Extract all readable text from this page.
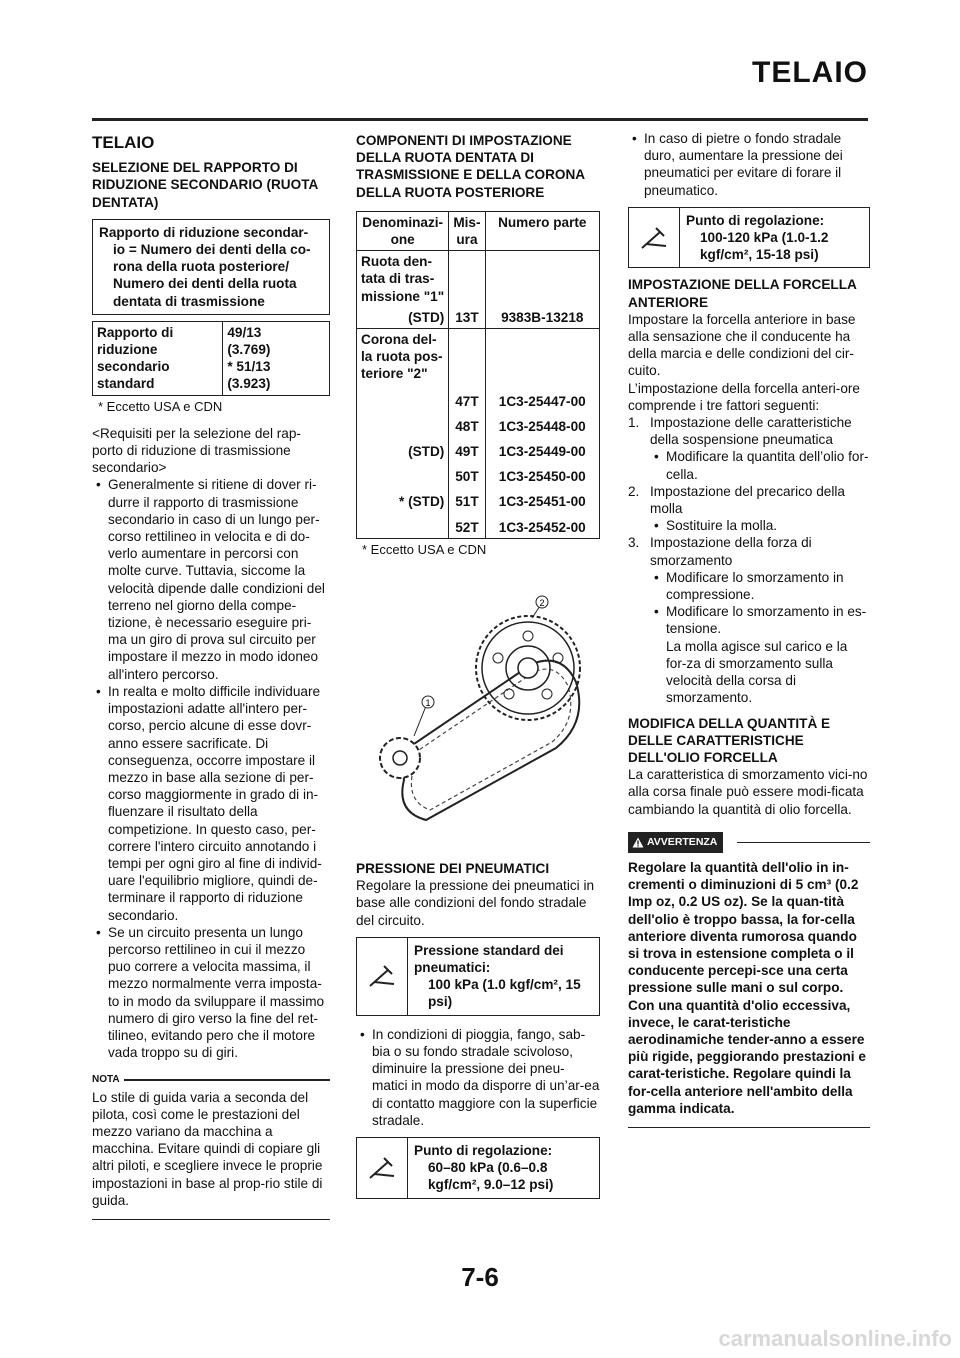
TELAIO
TELAIO
SELEZIONE DEL RAPPORTO DI RIDUZIONE SECONDARIO (RUOTA DENTATA)
Rapporto di riduzione secondar-
io = Numero dei denti della co-
rona della ruota posteriore/
Numero dei denti della ruota
dentata di trasmissione
Rapporto di riduzione secondario standard	
49/13
(3.769)
* 51/13
(3.923)
* Eccetto USA e CDN

<Requisiti per la selezione del rap-porto di riduzione di trasmissione secondario>

• Generalmente si ritiene di dover ri-durre il rapporto di trasmissione secondario in caso di un lungo per-corso rettilineo in velocita e di do-verlo aumentare in percorsi con molte curve. Tuttavia, siccome la velocità dipende dalle condizioni del terreno nel giorno della compe-tizione, è necessario eseguire pri-ma un giro di prova sul circuito per impostare il mezzo in modo idoneo all'intero percorso.
• In realta e molto difficile individuare impostazioni adatte all'intero per-corso, percio alcune di esse dovr-anno essere sacrificate. Di conseguenza, occorre impostare il mezzo in base alla sezione di per-corso maggiormente in grado di in-fluenzare il risultato della competizione. In questo caso, per-correre l'intero circuito annotando i tempi per ogni giro al fine di individ-uare l'equilibrio migliore, quindi de-terminare il rapporto di riduzione secondario.
• Se un circuito presenta un lungo percorso rettilineo in cui il mezzo puo correre a velocita massima, il mezzo normalmente verra imposta-to in modo da sviluppare il massimo numero di giro verso la fine del ret-tilineo, evitando pero che il motore vada troppo su di giri.
NOTA

Lo stile di guida varia a seconda del pilota, così come le prestazioni del mezzo variano da macchina a macchina. Evitare quindi di copiare gli altri piloti, e scegliere invece le proprie impostazioni in base al prop-rio stile di guida.

COMPONENTI DI IMPOSTAZIONE DELLA RUOTA DENTATA DI TRASMISSIONE E DELLA CORONA DELLA RUOTA POSTERIORE
Denominazi-one	Mis-ura	Numero parte
Ruota den-tata di tras-missione "1"		
(STD)	13T	9383B-13218
Corona del-la ruota pos-teriore "2"		
	47T	1C3-25447-00
	48T	1C3-25448-00
(STD)	49T	1C3-25449-00
	50T	1C3-25450-00
* (STD)	51T	1C3-25451-00
	52T	1C3-25452-00
* Eccetto USA e CDN
1
2
PRESSIONE DEI PNEUMATICI

Regolare la pressione dei pneumatici in base alle condizioni del fondo stradale del circuito.

Pressione standard dei pneumatici:
100 kPa (1.0 kgf/cm², 15 psi)
• In condizioni di pioggia, fango, sab-bia o su fondo stradale scivoloso, diminuire la pressione dei pneu-matici in modo da disporre di un’ar-ea di contatto maggiore con la superficie stradale.
Punto di regolazione:
60–80 kPa (0.6–0.8 kgf/cm², 9.0–12 psi)
• In caso di pietre o fondo stradale duro, aumentare la pressione dei pneumatici per evitare di forare il pneumatico.
Punto di regolazione:
100-120 kPa (1.0-1.2 kgf/cm², 15-18 psi)
IMPOSTAZIONE DELLA FORCELLA ANTERIORE

Impostare la forcella anteriore in base alla sensazione che il conducente ha della marcia e delle condizioni del cir-cuito.

L’impostazione della forcella anteri-ore comprende i tre fattori seguenti:

1. Impostazione delle caratteristiche della sospensione pneumatica
• Modificare la quantita dell’olio for-cella.
2. Impostazione del precarico della molla
• Sostituire la molla.
3. Impostazione della forza di smorzamento
• Modificare lo smorzamento in compressione.
• Modificare lo smorzamento in es-tensione.
La molla agisce sul carico e la for-za di smorzamento sulla velocità della corsa di smorzamento.
MODIFICA DELLA QUANTITÀ E DELLE CARATTERISTICHE DELL'OLIO FORCELLA

La caratteristica di smorzamento vici-no alla corsa finale può essere modi-ficata cambiando la quantità di olio forcella.

AVVERTENZA
Regolare la quantità dell'olio in in-crementi o diminuzioni di 5 cm³ (0.2 Imp oz, 0.2 US oz). Se la quan-tità dell'olio è troppo bassa, la for-cella anteriore diventa rumorosa quando si trova in estensione completa o il conducente percepi-sce una certa pressione sulle mani o sul corpo. Con una quantità d'olio eccessiva, invece, le carat-teristiche aerodinamiche tender-anno a essere più rigide, peggiorando prestazioni e carat-teristiche. Regolare quindi la for-cella anteriore nell'ambito della gamma indicata.
7-6
carmanualsonline.info
